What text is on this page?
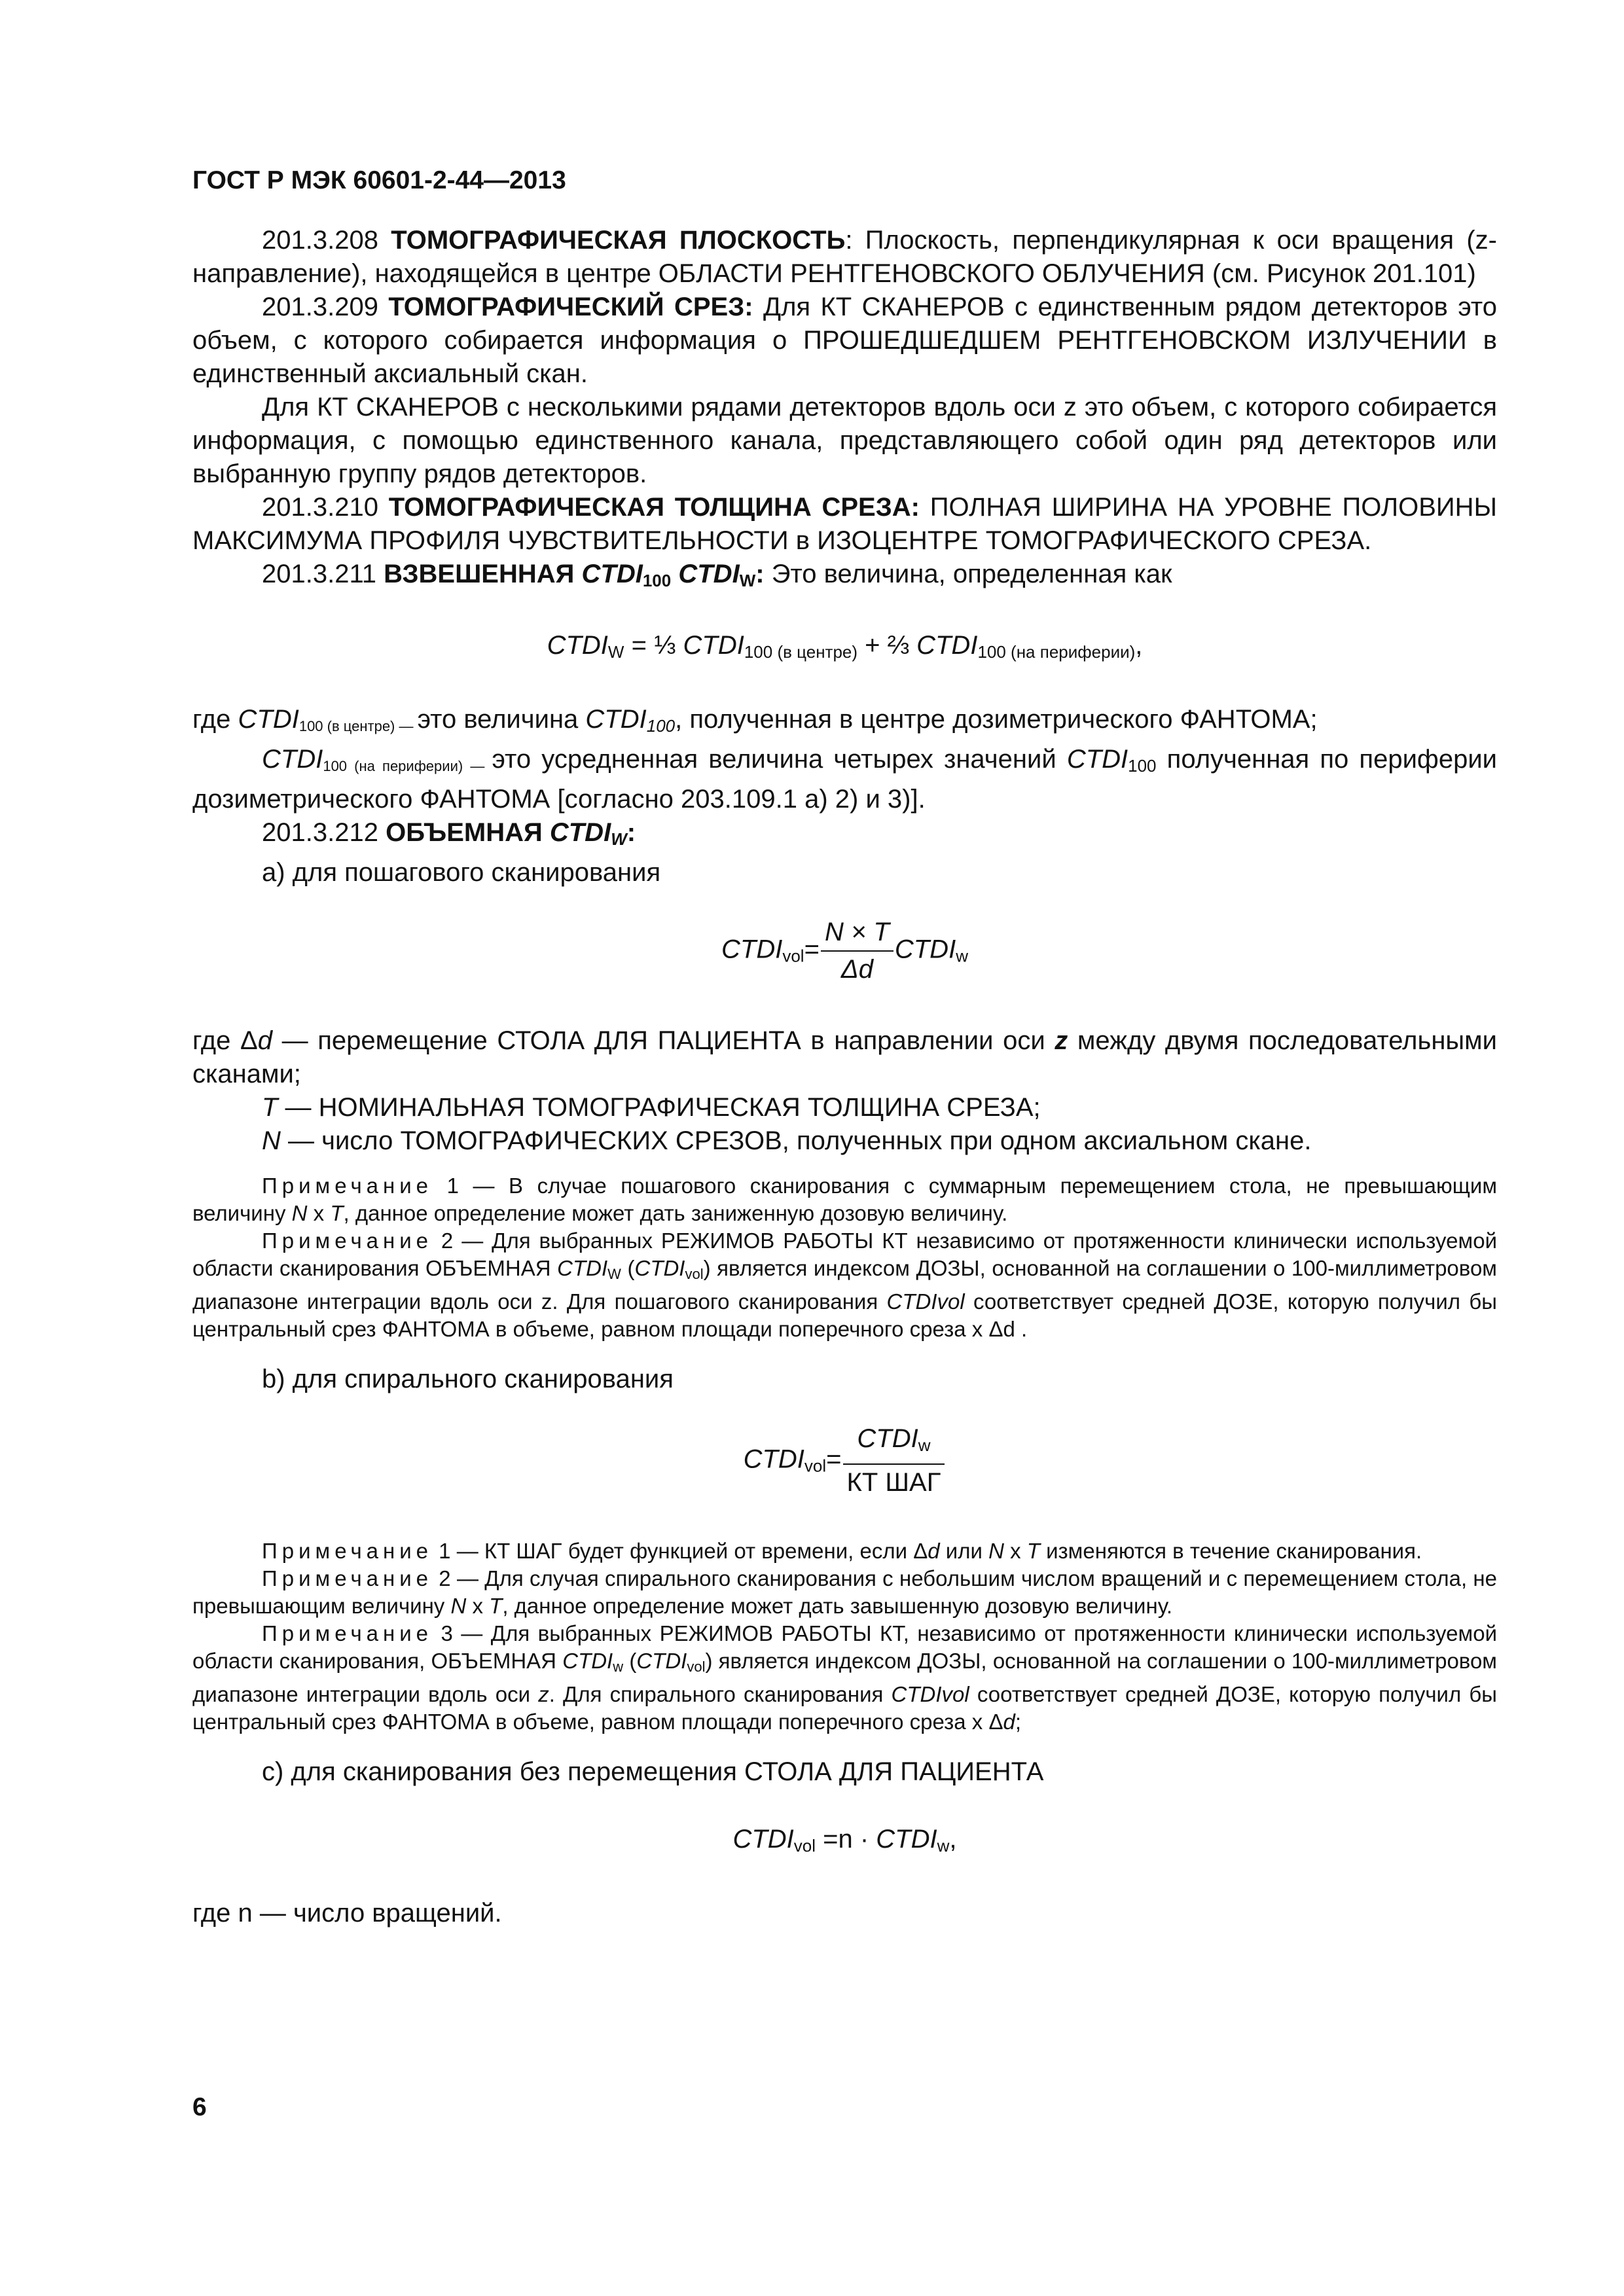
ГОСТ Р МЭК 60601-2-44—2013

201.3.208 ТОМОГРАФИЧЕСКАЯ ПЛОСКОСТЬ: Плоскость, перпендикулярная к оси вращения (z-направление), находящейся в центре ОБЛАСТИ РЕНТГЕНОВСКОГО ОБЛУЧЕНИЯ (см. Рисунок 201.101)

201.3.209 ТОМОГРАФИЧЕСКИЙ СРЕЗ: Для КТ СКАНЕРОВ с единственным рядом детекторов это объем, с которого собирается информация о ПРОШЕДШЕДШЕМ РЕНТГЕНОВСКОМ ИЗЛУЧЕНИИ в единственный аксиальный скан.

Для КТ СКАНЕРОВ с несколькими рядами детекторов вдоль оси z это объем, с которого собирается информация, с помощью единственного канала, представляющего собой один ряд детекторов или выбранную группу рядов детекторов.

201.3.210 ТОМОГРАФИЧЕСКАЯ ТОЛЩИНА СРЕЗА: ПОЛНАЯ ШИРИНА НА УРОВНЕ ПОЛОВИНЫ МАКСИМУМА ПРОФИЛЯ ЧУВСТВИТЕЛЬНОСТИ в ИЗОЦЕНТРЕ ТОМОГРАФИЧЕСКОГО СРЕЗА.

201.3.211 ВЗВЕШЕННАЯ $CTDI_{100}$ $CTDI_W$: Это величина, определенная как

$CTDI_W$ = ⅓ $CTDI_{100 (в центре)}$ + ⅔ $CTDI_{100 (на периферии)}$,

где CTDI100 (в центре) — это величина $CTDI_{100}$, полученная в центре дозиметрического ФАНТОМА;

CTDI100 (на периферии) — это усредненная величина четырех значений $CTDI_{100}$ полученная по периферии дозиметрического ФАНТОМА [согласно 203.109.1 a) 2) и 3)].

201.3.212 ОБЪЕМНАЯ $CTDI_W$:

a) для пошагового сканирования

$CTDI_{vol}= \frac{N \times T}{\Delta d}$ $CTDI_w$

где Δd — перемещение СТОЛА ДЛЯ ПАЦИЕНТА в направлении оси z между двумя последовательными сканами;

T — НОМИНАЛЬНАЯ ТОМОГРАФИЧЕСКАЯ ТОЛЩИНА СРЕЗА;

N — число ТОМОГРАФИЧЕСКИХ СРЕЗОВ, полученных при одном аксиальном скане.

Примечание 1 — В случае пошагового сканирования с суммарным перемещением стола, не превышающим величину N x T, данное определение может дать заниженную дозовую величину.

Примечание 2 — Для выбранных РЕЖИМОВ РАБОТЫ КТ независимо от протяженности клинически используемой области сканирования ОБЪЕМНАЯ CTDIW (CTDIvol) является индексом ДОЗЫ, основанной на соглашении о 100-миллиметровом диапазоне интеграции вдоль оси z. Для пошагового сканирования CTDIvol соответствует средней ДОЗЕ, которую получил бы центральный срез ФАНТОМА в объеме, равном площади поперечного среза x Δd .

b) для спирального сканирования

$CTDI_{vol}= \frac{CTDI_w}{\text{КТ ШАГ}}$

Примечание 1 — КТ ШАГ будет функцией от времени, если Δd или N x T изменяются в течение сканирования.

Примечание 2 — Для случая спирального сканирования с небольшим числом вращений и с перемещением стола, не превышающим величину N x T, данное определение может дать завышенную дозовую величину.

Примечание 3 — Для выбранных РЕЖИМОВ РАБОТЫ КТ, независимо от протяженности клинически используемой области сканирования, ОБЪЕМНАЯ CTDIw (CTDIvol) является индексом ДОЗЫ, основанной на соглашении о 100-миллиметровом диапазоне интеграции вдоль оси z. Для спирального сканирования CTDIvol соответствует средней ДОЗЕ, которую получил бы центральный срез ФАНТОМА в объеме, равном площади поперечного среза x Δd;

c) для сканирования без перемещения СТОЛА ДЛЯ ПАЦИЕНТА

$CTDI_{vol} =n$ · $CTDI_w$,

где n — число вращений.

6
